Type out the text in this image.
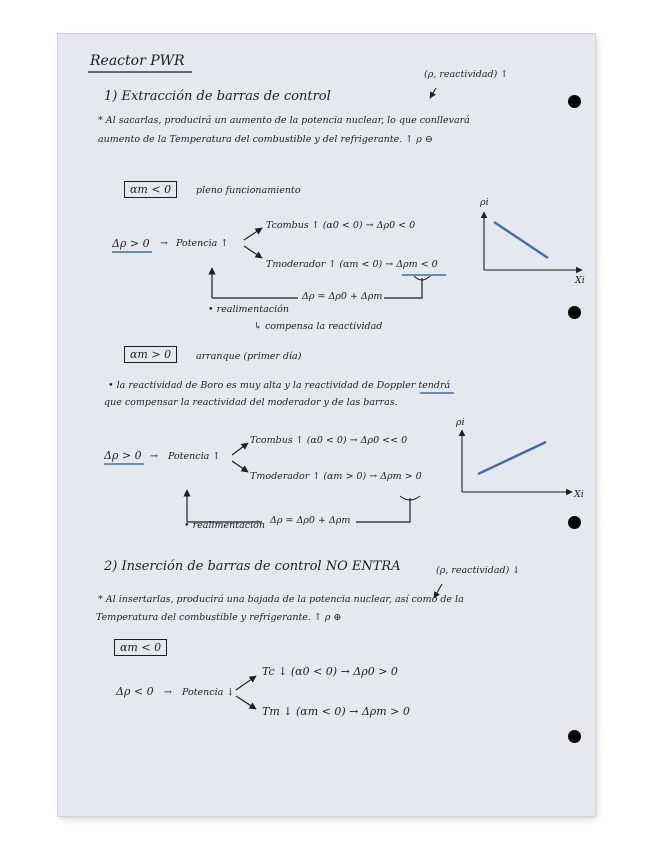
Reactor PWR
1) Extracción de barras de control
(ρ, reactividad) ↑
* Al sacarlas, producirá un aumento de la potencia nuclear, lo que conllevará
aumento de la Temperatura del combustible y del refrigerante. ↑ ρ ⊖
αm < 0	pleno funcionamiento
Δρ > 0 → Potencia ↑
Tcombus ↑ (α0 < 0) → Δρ0 < 0
Tmoderador ↑ (αm < 0) → Δρm < 0
Δρ = Δρ0 + Δρm
• realimentación
↳ compensa la reactividad
ρi
Xi
αm > 0	arranque (primer día)
• la reactividad de Boro es muy alta y la reactividad de Doppler tendrá
que compensar la reactividad del moderador y de las barras.
Δρ > 0 → Potencia ↑
Tcombus ↑ (α0 < 0) → Δρ0 << 0
Tmoderador ↑ (αm > 0) → Δρm > 0
Δρ = Δρ0 + Δρm
• realimentación
ρi
Xi
2) Inserción de barras de control NO ENTRA	(ρ, reactividad) ↓
* Al insertarlas, producirá una bajada de la potencia nuclear, así como de la
Temperatura del combustible y refrigerante. ↑ ρ ⊕
αm < 0
Δρ < 0 → Potencia ↓
Tc ↓ (α0 < 0) → Δρ0 > 0
Tm ↓ (αm < 0) → Δρm > 0
